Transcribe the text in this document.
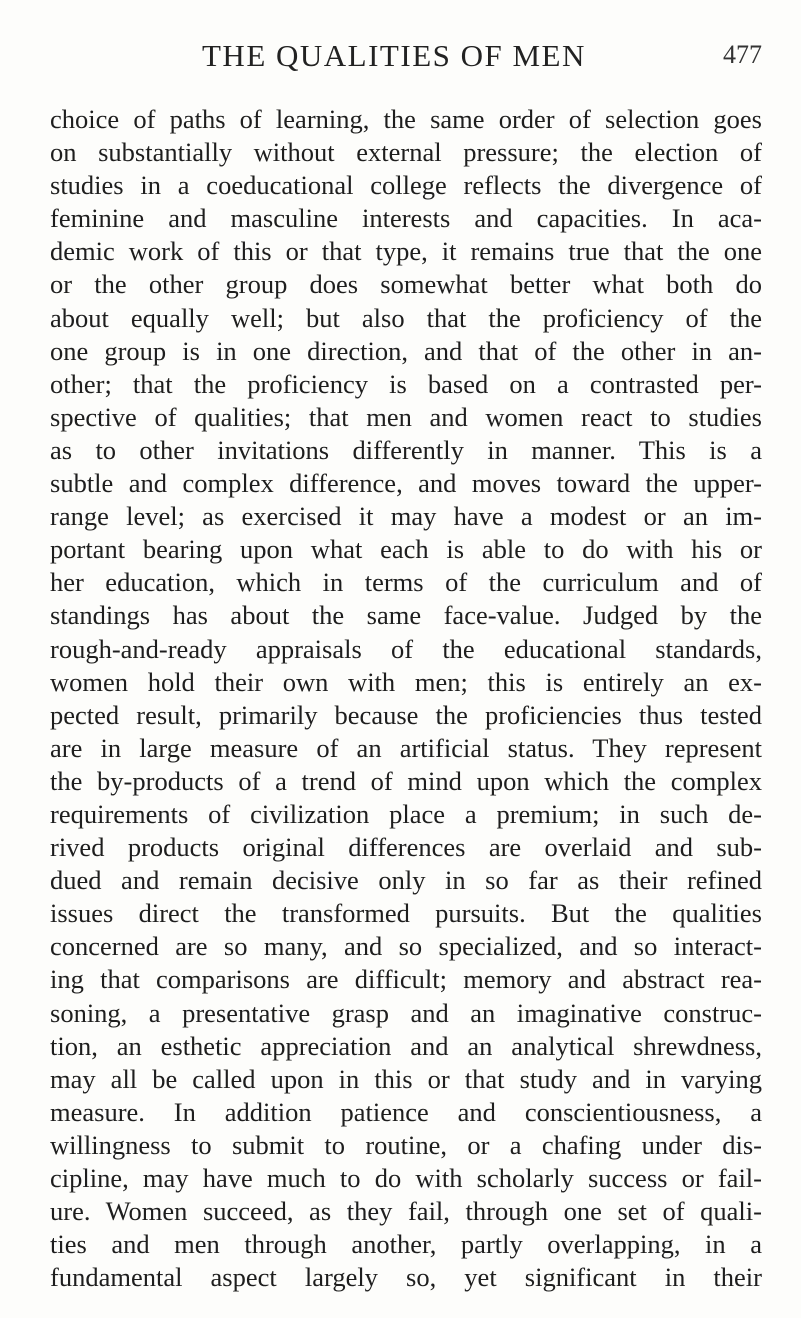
THE QUALITIES OF MEN	477
choice of paths of learning, the same order of selection goes
on substantially without external pressure; the election of
studies in a coeducational college reflects the divergence of
feminine and masculine interests and capacities. In aca-
demic work of this or that type, it remains true that the one
or the other group does somewhat better what both do
about equally well; but also that the proficiency of the
one group is in one direction, and that of the other in an-
other; that the proficiency is based on a contrasted per-
spective of qualities; that men and women react to studies
as to other invitations differently in manner. This is a
subtle and complex difference, and moves toward the upper-
range level; as exercised it may have a modest or an im-
portant bearing upon what each is able to do with his or
her education, which in terms of the curriculum and of
standings has about the same face-value. Judged by the
rough-and-ready appraisals of the educational standards,
women hold their own with men; this is entirely an ex-
pected result, primarily because the proficiencies thus tested
are in large measure of an artificial status. They represent
the by-products of a trend of mind upon which the complex
requirements of civilization place a premium; in such de-
rived products original differences are overlaid and sub-
dued and remain decisive only in so far as their refined
issues direct the transformed pursuits. But the qualities
concerned are so many, and so specialized, and so interact-
ing that comparisons are difficult; memory and abstract rea-
soning, a presentative grasp and an imaginative construc-
tion, an esthetic appreciation and an analytical shrewdness,
may all be called upon in this or that study and in varying
measure. In addition patience and conscientiousness, a
willingness to submit to routine, or a chafing under dis-
cipline, may have much to do with scholarly success or fail-
ure. Women succeed, as they fail, through one set of quali-
ties and men through another, partly overlapping, in a
fundamental aspect largely so, yet significant in their
